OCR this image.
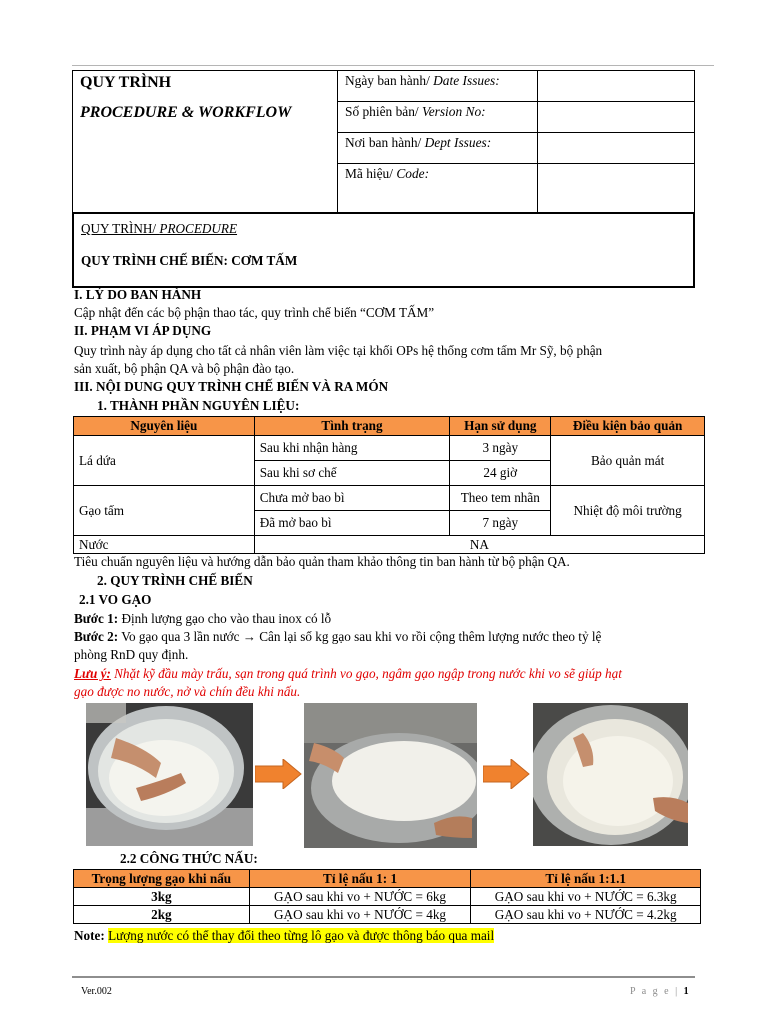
QUY TRÌNH
PROCEDURE & WORKFLOW
Ngày ban hành/ Date Issues:
Số phiên bản/ Version No:
Nơi ban hành/ Dept Issues:
Mã hiệu/ Code:
QUY TRÌNH/ PROCEDURE
QUY TRÌNH CHẾ BIẾN: CƠM TẤM
I. LÝ DO BAN HÀNH
Cập nhật đến các bộ phận thao tác, quy trình chế biến “CƠM TẤM”
II. PHẠM VI ÁP DỤNG
Quy trình này áp dụng cho tất cả nhân viên làm việc tại khối OPs hệ thống cơm tấm Mr Sỹ, bộ phận
sản xuất, bộ phận QA và bộ phận đào tạo.
III. NỘI DUNG QUY TRÌNH CHẾ BIẾN VÀ RA MÓN
1. THÀNH PHẦN NGUYÊN LIỆU:
Nguyên liệu	Tình trạng	Hạn sử dụng	Điều kiện bảo quản
Lá dứa	Sau khi nhận hàng	3 ngày	Bảo quản mát
	Sau khi sơ chế	24 giờ	
Gạo tấm	Chưa mở bao bì	Theo tem nhãn	Nhiệt độ môi trường
	Đã mở bao bì	7 ngày	
Nước	NA		
Tiêu chuẩn nguyên liệu và hướng dẫn bảo quản tham khảo thông tin ban hành từ bộ phận QA.
2. QUY TRÌNH CHẾ BIẾN
2.1 VO GẠO
Bước 1: Định lượng gạo cho vào thau inox có lỗ
Bước 2: Vo gạo qua 3 lần nước → Cân lại số kg gạo sau khi vo rồi cộng thêm lượng nước theo tỷ lệ
phòng RnD quy định.
Lưu ý: Nhặt kỹ đầu mày trấu, sạn trong quá trình vo gạo, ngâm gạo ngập trong nước khi vo sẽ giúp hạt
gạo được no nước, nở và chín đều khi nấu.
2.2 CÔNG THỨC NẤU:
Trọng lượng gạo khi nấu	Tỉ lệ nấu 1: 1	Tỉ lệ nấu 1:1.1
3kg	GẠO sau khi vo + NƯỚC = 6kg	GẠO sau khi vo + NƯỚC = 6.3kg
2kg	GẠO sau khi vo + NƯỚC = 4kg	GẠO sau khi vo + NƯỚC = 4.2kg
Note: Lượng nước có thể thay đổi theo từng lô gạo và được thông báo qua mail
Ver.002	P a g e | 1
